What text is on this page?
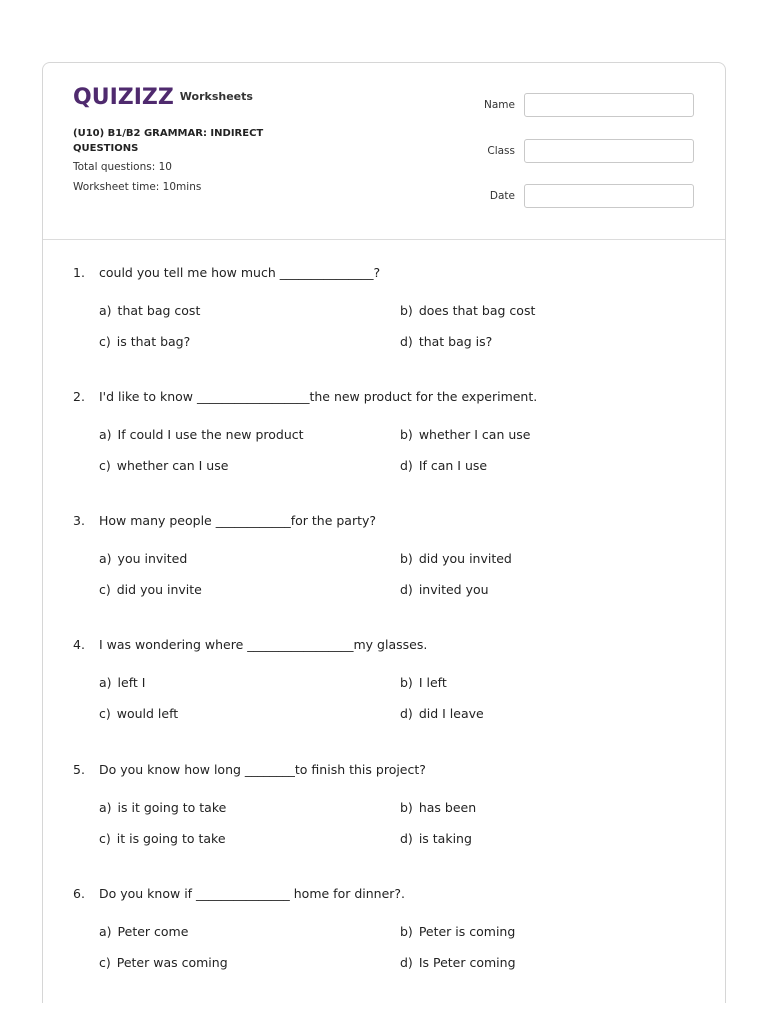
QUIZIZZ Worksheets
(U10) B1/B2 GRAMMAR: INDIRECT QUESTIONS
Total questions: 10
Worksheet time: 10mins
Name
Class
Date
1. could you tell me how much _______________?
a) that bag cost	b) does that bag cost
c) is that bag?	d) that bag is?
2. I'd like to know __________________the new product for the experiment.
a) If could I use the new product	b) whether I can use
c) whether can I use	d) If can I use
3. How many people ____________for the party?
a) you invited	b) did you invited
c) did you invite	d) invited you
4. I was wondering where _________________my glasses.
a) left I	b) I left
c) would left	d) did I leave
5. Do you know how long ________to finish this project?
a) is it going to take	b) has been
c) it is going to take	d) is taking
6. Do you know if _______________ home for dinner?.
a) Peter come	b) Peter is coming
c) Peter was coming	d) Is Peter coming
